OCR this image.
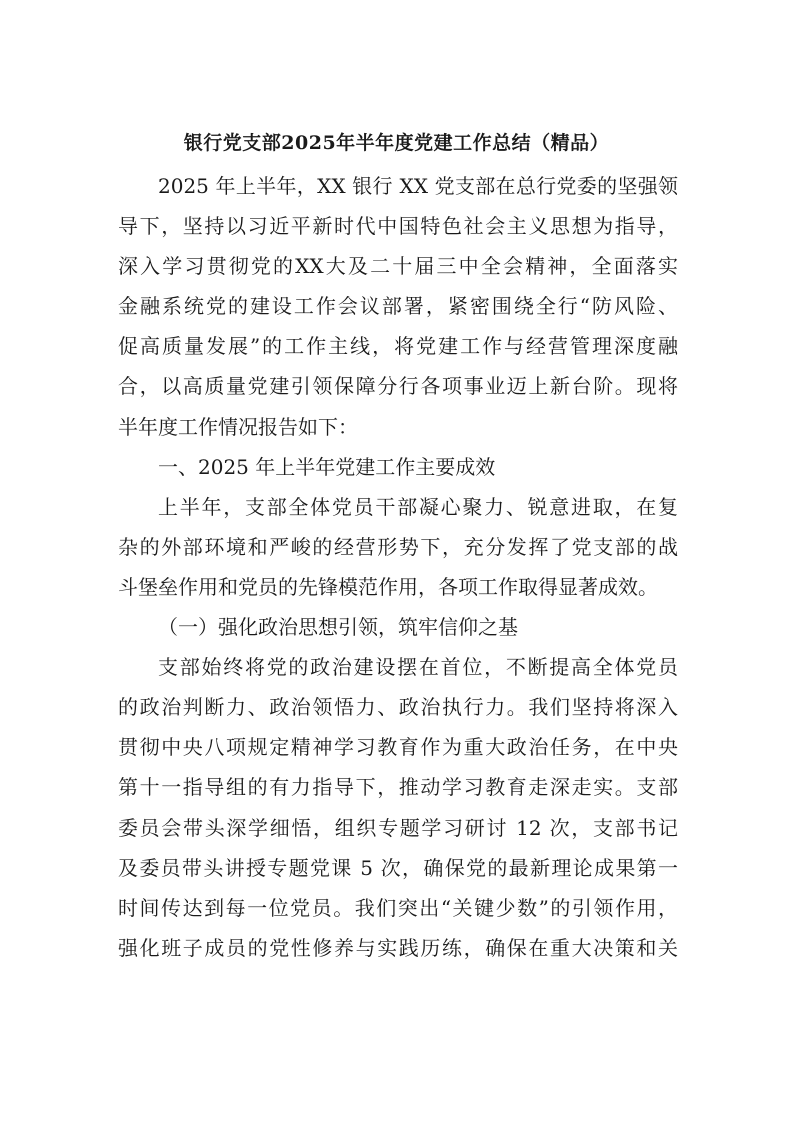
银行党支部2025年半年度党建工作总结（精品）
2025 年上半年，XX 银行 XX 党支部在总行党委的坚强领
导下，坚持以习近平新时代中国特色社会主义思想为指导，
深入学习贯彻党的XX大及二十届三中全会精神，全面落实
金融系统党的建设工作会议部署，紧密围绕全行“防风险、
促高质量发展”的工作主线，将党建工作与经营管理深度融
合，以高质量党建引领保障分行各项事业迈上新台阶。现将
半年度工作情况报告如下：
一、2025 年上半年党建工作主要成效
上半年，支部全体党员干部凝心聚力、锐意进取，在复
杂的外部环境和严峻的经营形势下，充分发挥了党支部的战
斗堡垒作用和党员的先锋模范作用，各项工作取得显著成效。
（一）强化政治思想引领，筑牢信仰之基
支部始终将党的政治建设摆在首位，不断提高全体党员
的政治判断力、政治领悟力、政治执行力。我们坚持将深入
贯彻中央八项规定精神学习教育作为重大政治任务，在中央
第十一指导组的有力指导下，推动学习教育走深走实。支部
委员会带头深学细悟，组织专题学习研讨 12 次，支部书记
及委员带头讲授专题党课 5 次，确保党的最新理论成果第一
时间传达到每一位党员。我们突出“关键少数”的引领作用，
强化班子成员的党性修养与实践历练，确保在重大决策和关
